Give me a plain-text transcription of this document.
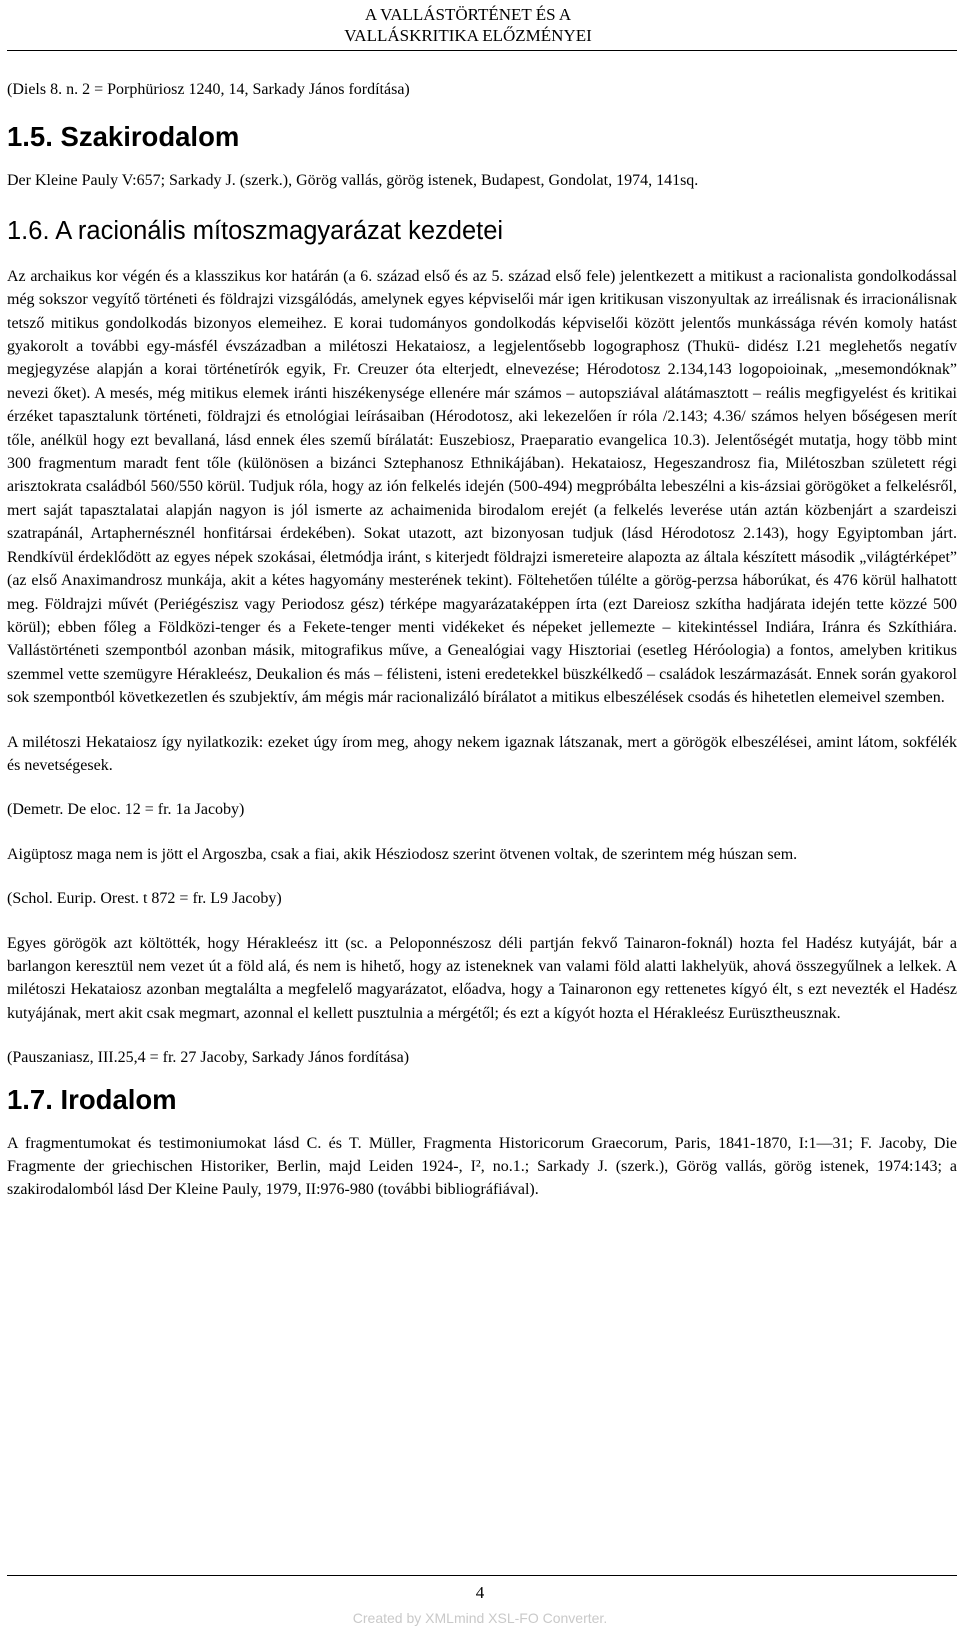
A VALLÁSTÖRTÉNET ÉS A
VALLÁSKRITIKA ELŐZMÉNYEI

(Diels 8. n. 2 = Porphüriosz 1240, 14, Sarkady János fordítása)

1.5. Szakirodalom

Der Kleine Pauly V:657; Sarkady J. (szerk.), Görög vallás, görög istenek, Budapest, Gondolat, 1974, 141sq.

1.6. A racionális mítoszmagyarázat kezdetei

Az archaikus kor végén és a klasszikus kor határán (a 6. század első és az 5. század első fele) jelentkezett a mitikust a racionalista gondolkodással még sokszor vegyítő történeti és földrajzi vizsgálódás, amelynek egyes képviselői már igen kritikusan viszonyultak az irreálisnak és irracionálisnak tetsző mitikus gondolkodás bizonyos elemeihez. E korai tudományos gondolkodás képviselői között jelentős munkássága révén komoly hatást gyakorolt a további egy-másfél évszázadban a milétoszi Hekataiosz, a legjelentősebb logographosz (Thukü- didész I.21 meglehetős negatív megjegyzése alapján a korai történetírók egyik, Fr. Creuzer óta elterjedt, elnevezése; Hérodotosz 2.134,143 logopoioinak, „mesemondóknak” nevezi őket). A mesés, még mitikus elemek iránti hiszékenysége ellenére már számos – autopsziával alátámasztott – reális megfigyelést és kritikai érzéket tapasztalunk történeti, földrajzi és etnológiai leírásaiban (Hérodotosz, aki lekezelően ír róla /2.143; 4.36/ számos helyen bőségesen merít tőle, anélkül hogy ezt bevallaná, lásd ennek éles szemű bírálatát: Euszebiosz, Praeparatio evangelica 10.3). Jelentőségét mutatja, hogy több mint 300 fragmentum maradt fent tőle (különösen a bizánci Sztephanosz Ethnikájában). Hekataiosz, Hegeszandrosz fia, Milétoszban született régi arisztokrata családból 560/550 körül. Tudjuk róla, hogy az ión felkelés idején (500-494) megpróbálta lebeszélni a kis-ázsiai görögöket a felkelésről, mert saját tapasztalatai alapján nagyon is jól ismerte az achaimenida birodalom erejét (a felkelés leverése után aztán közbenjárt a szardeiszi szatrapánál, Artaphernésznél honfitársai érdekében). Sokat utazott, azt bizonyosan tudjuk (lásd Hérodotosz 2.143), hogy Egyiptomban járt. Rendkívül érdeklődött az egyes népek szokásai, életmódja iránt, s kiterjedt földrajzi ismereteire alapozta az általa készített második „világtérképet” (az első Anaximandrosz munkája, akit a kétes hagyomány mesterének tekint). Föltehetően túlélte a görög-perzsa háborúkat, és 476 körül halhatott meg. Földrajzi művét (Periégészisz vagy Periodosz gész) térképe magyarázataképpen írta (ezt Dareiosz szkítha hadjárata idején tette közzé 500 körül); ebben főleg a Földközi-tenger és a Fekete-tenger menti vidékeket és népeket jellemezte – kitekintéssel Indiára, Iránra és Szkíthiára. Vallástörténeti szempontból azonban másik, mitografikus műve, a Genealógiai vagy Hisztoriai (esetleg Héróologia) a fontos, amelyben kritikus szemmel vette szemügyre Hérakleész, Deukalion és más – félisteni, isteni eredetekkel büszkélkedő – családok leszármazását. Ennek során gyakorol sok szempontból következetlen és szubjektív, ám mégis már racionalizáló bírálatot a mitikus elbeszélések csodás és hihetetlen elemeivel szemben.

A milétoszi Hekataiosz így nyilatkozik: ezeket úgy írom meg, ahogy nekem igaznak látszanak, mert a görögök elbeszélései, amint látom, sokfélék és nevetségesek.

(Demetr. De eloc. 12 = fr. 1a Jacoby)

Aigüptosz maga nem is jött el Argoszba, csak a fiai, akik Hésziodosz szerint ötvenen voltak, de szerintem még húszan sem.

(Schol. Eurip. Orest. t 872 = fr. L9 Jacoby)

Egyes görögök azt költötték, hogy Hérakleész itt (sc. a Peloponnészosz déli partján fekvő Tainaron-foknál) hozta fel Hadész kutyáját, bár a barlangon keresztül nem vezet út a föld alá, és nem is hihető, hogy az isteneknek van valami föld alatti lakhelyük, ahová összegyűlnek a lelkek. A milétoszi Hekataiosz azonban megtalálta a megfelelő magyarázatot, előadva, hogy a Tainaronon egy rettenetes kígyó élt, s ezt nevezték el Hadész kutyájának, mert akit csak megmart, azonnal el kellett pusztulnia a mérgétől; és ezt a kígyót hozta el Hérakleész Eurüsztheusznak.

(Pauszaniasz, III.25,4 = fr. 27 Jacoby, Sarkady János fordítása)

1.7. Irodalom

A fragmentumokat és testimoniumokat lásd C. és T. Müller, Fragmenta Historicorum Graecorum, Paris, 1841-1870, I:1—31; F. Jacoby, Die Fragmente der griechischen Historiker, Berlin, majd Leiden 1924-, I², no.1.; Sarkady J. (szerk.), Görög vallás, görög istenek, 1974:143; a szakirodalomból lásd Der Kleine Pauly, 1979, II:976-980 (további bibliográfiával).

4
Created by XMLmind XSL-FO Converter.
